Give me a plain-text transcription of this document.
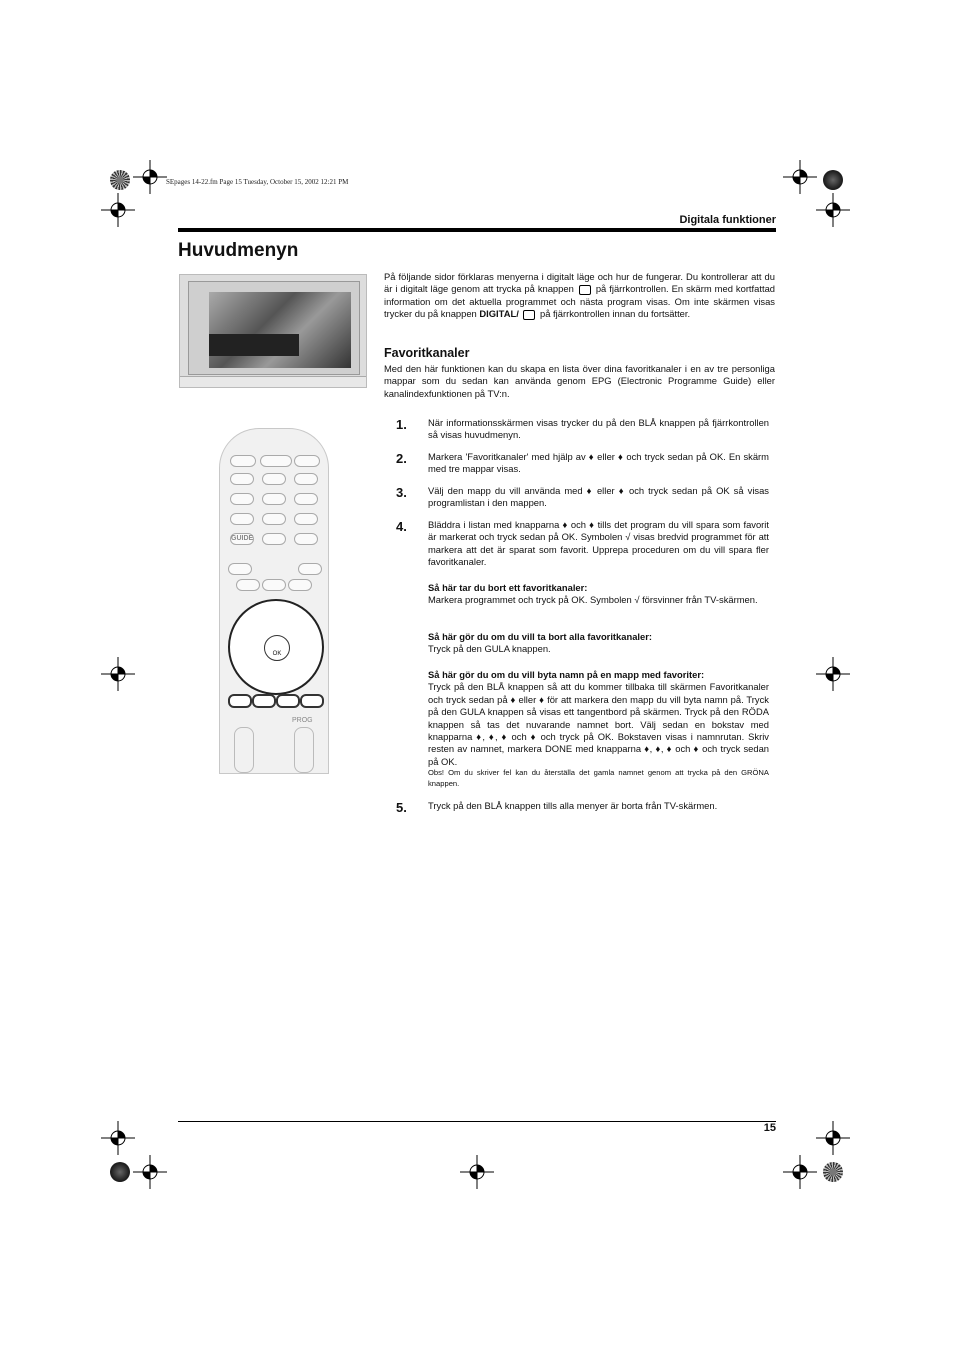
SEpages 14-22.fm Page 15 Tuesday, October 15, 2002 12:21 PM
Digitala funktioner
Huvudmenyn
GUIDE
OK
PROG
På följande sidor förklaras menyerna i digitalt läge och hur de fungerar. Du kontrollerar att du är i digitalt läge genom att trycka på knappen på fjärrkontrollen. En skärm med kortfattad information om det aktuella programmet och nästa program visas. Om inte skärmen visas trycker du på knappen DIGITAL/ på fjärrkontrollen innan du fortsätter.
Favoritkanaler
Med den här funktionen kan du skapa en lista över dina favoritkanaler i en av tre personliga mappar som du sedan kan använda genom EPG (Electronic Programme Guide) eller kanalindexfunktionen på TV:n.
1. När informationsskärmen visas trycker du på den BLÅ knappen på fjärrkontrollen så visas huvudmenyn.
2. Markera 'Favoritkanaler' med hjälp av ♦ eller ♦ och tryck sedan på OK. En skärm med tre mappar visas.
3. Välj den mapp du vill använda med ♦ eller ♦ och tryck sedan på OK så visas programlistan i den mappen.
4. Bläddra i listan med knapparna ♦ och ♦ tills det program du vill spara som favorit är markerat och tryck sedan på OK. Symbolen √ visas bredvid programmet för att markera att det är sparat som favorit. Upprepa proceduren om du vill spara fler favoritkanaler.
Så här tar du bort ett favoritkanaler:
Markera programmet och tryck på OK. Symbolen √ försvinner från TV-skärmen.
Så här gör du om du vill ta bort alla favoritkanaler:
Tryck på den GULA knappen.
Så här gör du om du vill byta namn på en mapp med favoriter:
Tryck på den BLÅ knappen så att du kommer tillbaka till skärmen Favoritkanaler och tryck sedan på ♦ eller ♦ för att markera den mapp du vill byta namn på. Tryck på den GULA knappen så visas ett tangentbord på skärmen. Tryck på den RÖDA knappen så tas det nuvarande namnet bort. Välj sedan en bokstav med knapparna ♦, ♦, ♦ och ♦ och tryck på OK. Bokstaven visas i namnrutan. Skriv resten av namnet, markera DONE med knapparna ♦, ♦, ♦ och ♦ och tryck sedan på OK.
Obs! Om du skriver fel kan du återställa det gamla namnet genom att trycka på den GRÖNA knappen.
5. Tryck på den BLÅ knappen tills alla menyer är borta från TV-skärmen.
15
